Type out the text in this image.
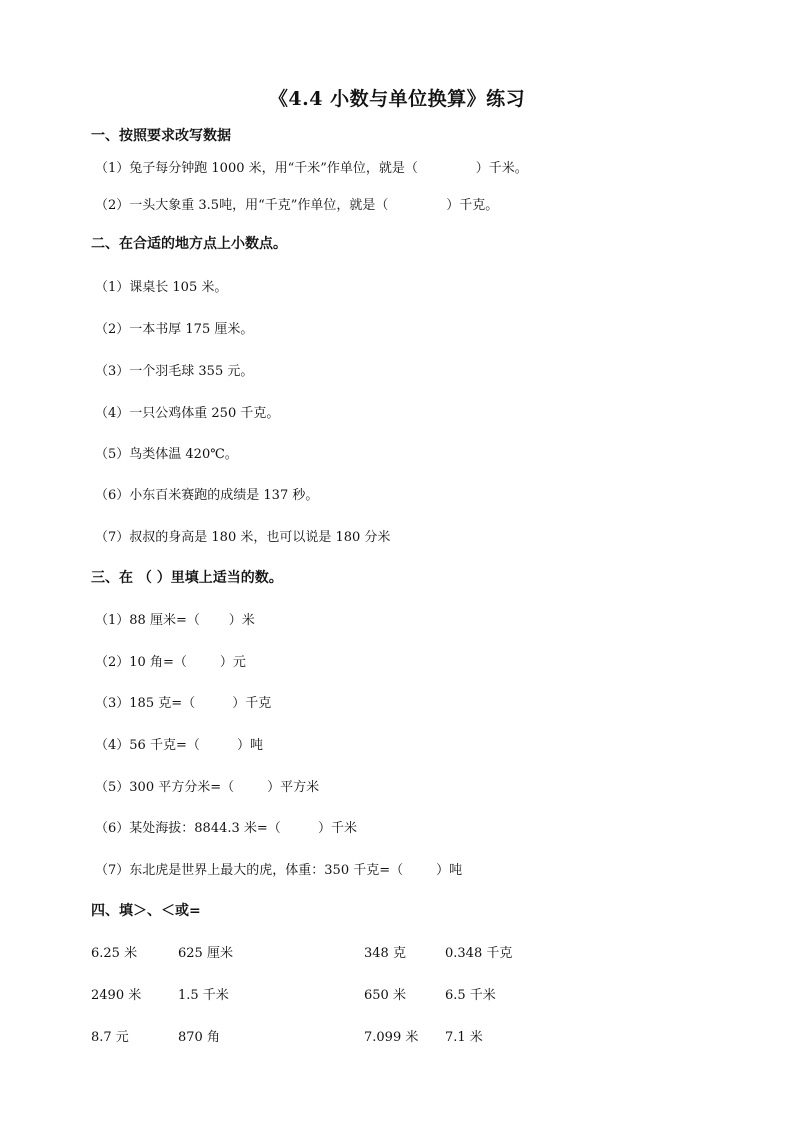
《4.4 小数与单位换算》练习
一、按照要求改写数据
（1）兔子每分钟跑 1000 米，用“千米”作单位，就是（              ）千米。
（2）一头大象重 3.5吨，用“千克”作单位，就是（              ）千克。
二、在合适的地方点上小数点。
（1）课桌长 105 米。
（2）一本书厚 175 厘米。
（3）一个羽毛球 355 元。
（4）一只公鸡体重 250 千克。
（5）鸟类体温 420℃。
（6）小东百米赛跑的成绩是 137 秒。
（7）叔叔的身高是 180 米，也可以说是 180 分米
三、在 （ ）里填上适当的数。
（1）88 厘米=（       ）米
（2）10 角=（        ）元
（3）185 克=（         ）千克
（4）56 千克=（         ）吨
（5）300 平方分米=（        ）平方米
（6）某处海拔：8844.3 米=（         ）千米
（7）东北虎是世界上最大的虎，体重：350 千克=（        ）吨
四、填＞、＜或=
6.25 米	625 厘米	348 克	0.348 千克
2490 米	1.5 千米	650 米	6.5 千米
8.7 元	870 角	7.099 米 7.1 米
